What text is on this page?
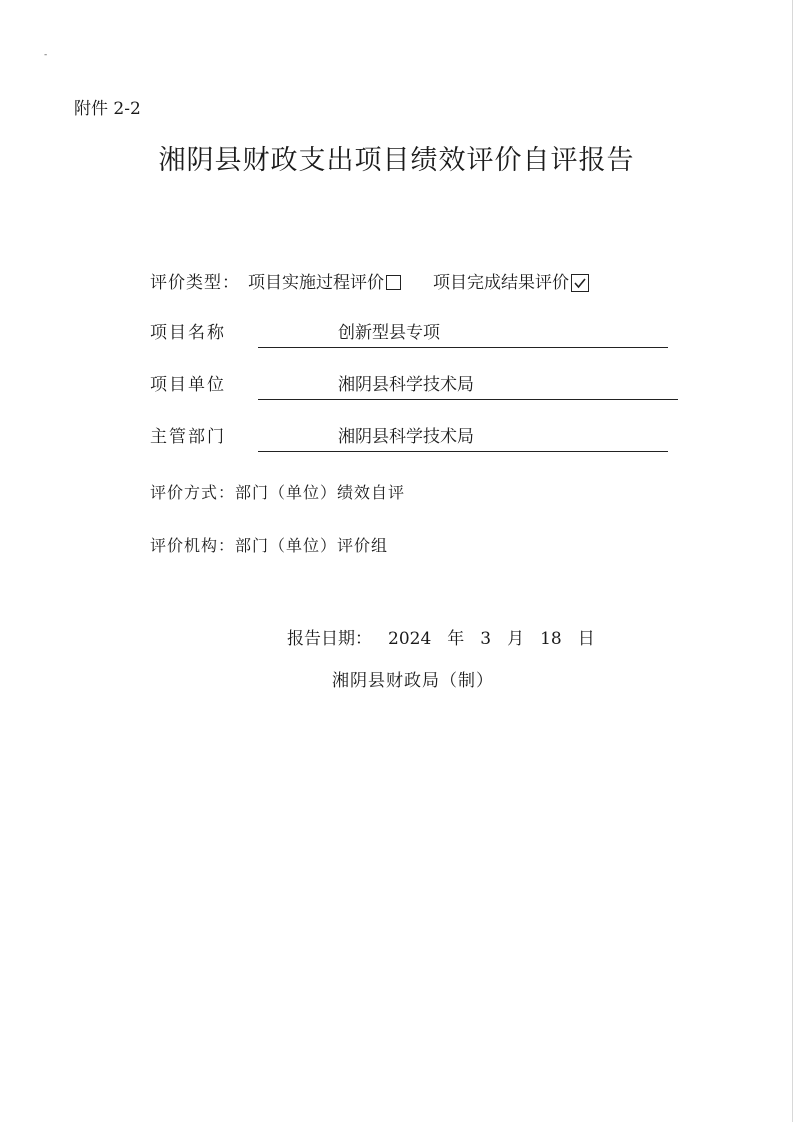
-
附件 2-2
湘阴县财政支出项目绩效评价自评报告
评价类型： 项目实施过程评价	项目完成结果评价
项目名称	创新型县专项
项目单位	湘阴县科学技术局
主管部门	湘阴县科学技术局
评价方式：部门（单位）绩效自评
评价机构：部门（单位）评价组
报告日期： 2024 年 3 月 18 日
湘阴县财政局（制）
